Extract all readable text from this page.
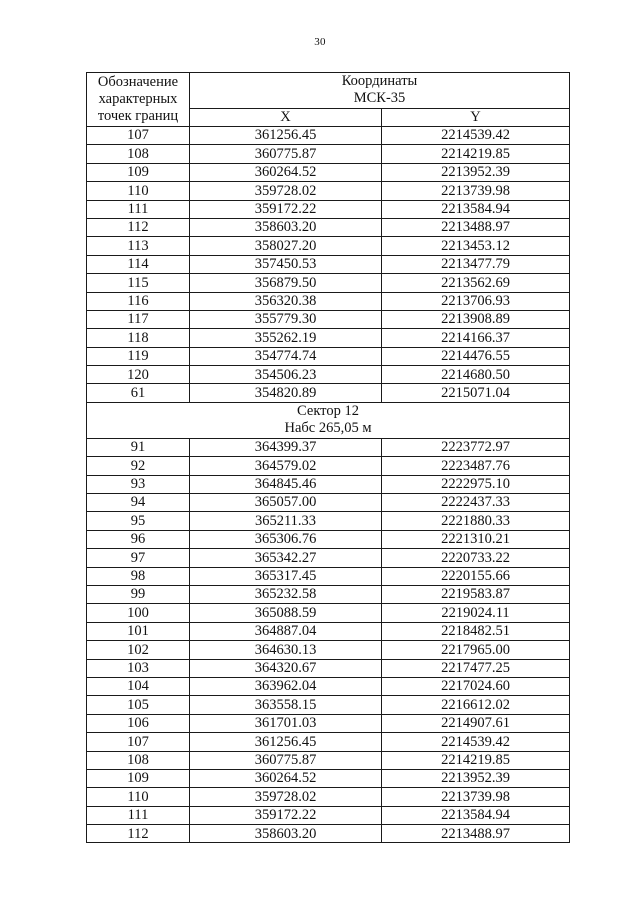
30
Обозначение
характерных
точек границ	Координаты
МСК-35	

	X	Y
107	361256.45	2214539.42
108	360775.87	2214219.85
109	360264.52	2213952.39
110	359728.02	2213739.98
111	359172.22	2213584.94
112	358603.20	2213488.97
113	358027.20	2213453.12
114	357450.53	2213477.79
115	356879.50	2213562.69
116	356320.38	2213706.93
117	355779.30	2213908.89
118	355262.19	2214166.37
119	354774.74	2214476.55
120	354506.23	2214680.50
61	354820.89	2215071.04

Сектор 12
Набс 265,05 м		

91	364399.37	2223772.97
92	364579.02	2223487.76
93	364845.46	2222975.10
94	365057.00	2222437.33
95	365211.33	2221880.33
96	365306.76	2221310.21
97	365342.27	2220733.22
98	365317.45	2220155.66
99	365232.58	2219583.87
100	365088.59	2219024.11
101	364887.04	2218482.51
102	364630.13	2217965.00
103	364320.67	2217477.25
104	363962.04	2217024.60
105	363558.15	2216612.02
106	361701.03	2214907.61
107	361256.45	2214539.42
108	360775.87	2214219.85
109	360264.52	2213952.39
110	359728.02	2213739.98
111	359172.22	2213584.94
112	358603.20	2213488.97
